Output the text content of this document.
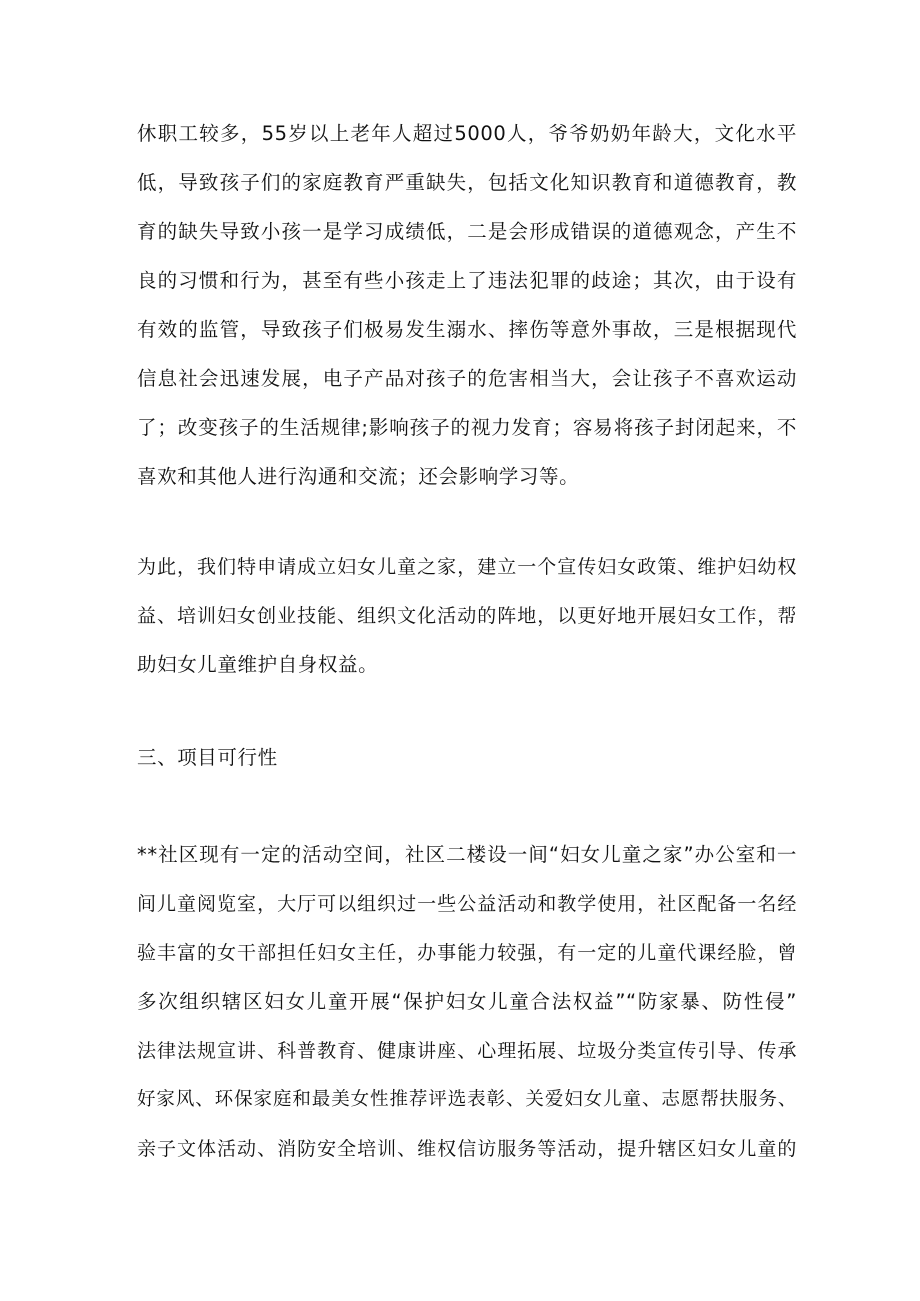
休职工较多，55岁以上老年人超过5000人，爷爷奶奶年龄大，文化水平
低，导致孩子们的家庭教育严重缺失，包括文化知识教育和道德教育，教
育的缺失导致小孩一是学习成绩低，二是会形成错误的道德观念，产生不
良的习惯和行为，甚至有些小孩走上了违法犯罪的歧途；其次，由于设有
有效的监管，导致孩子们极易发生溺水、摔伤等意外事故，三是根据现代
信息社会迅速发展，电子产品对孩子的危害相当大，会让孩子不喜欢运动
了；改变孩子的生活规律;影响孩子的视力发育；容易将孩子封闭起来，不
喜欢和其他人进行沟通和交流；还会影响学习等。
为此，我们特申请成立妇女儿童之家，建立一个宣传妇女政策、维护妇幼权
益、培训妇女创业技能、组织文化活动的阵地，以更好地开展妇女工作，帮
助妇女儿童维护自身权益。
三、项目可行性
**社区现有一定的活动空间，社区二楼设一间“妇女儿童之家”办公室和一
间儿童阅览室，大厅可以组织过一些公益活动和教学使用，社区配备一名经
验丰富的女干部担任妇女主任，办事能力较强，有一定的儿童代课经脸，曾
多次组织辖区妇女儿童开展“保护妇女儿童合法权益”“防家暴、防性侵”
法律法规宣讲、科普教育、健康讲座、心理拓展、垃圾分类宣传引导、传承
好家风、环保家庭和最美女性推荐评选表彰、关爱妇女儿童、志愿帮扶服务、
亲子文体活动、消防安全培训、维权信访服务等活动，提升辖区妇女儿童的
